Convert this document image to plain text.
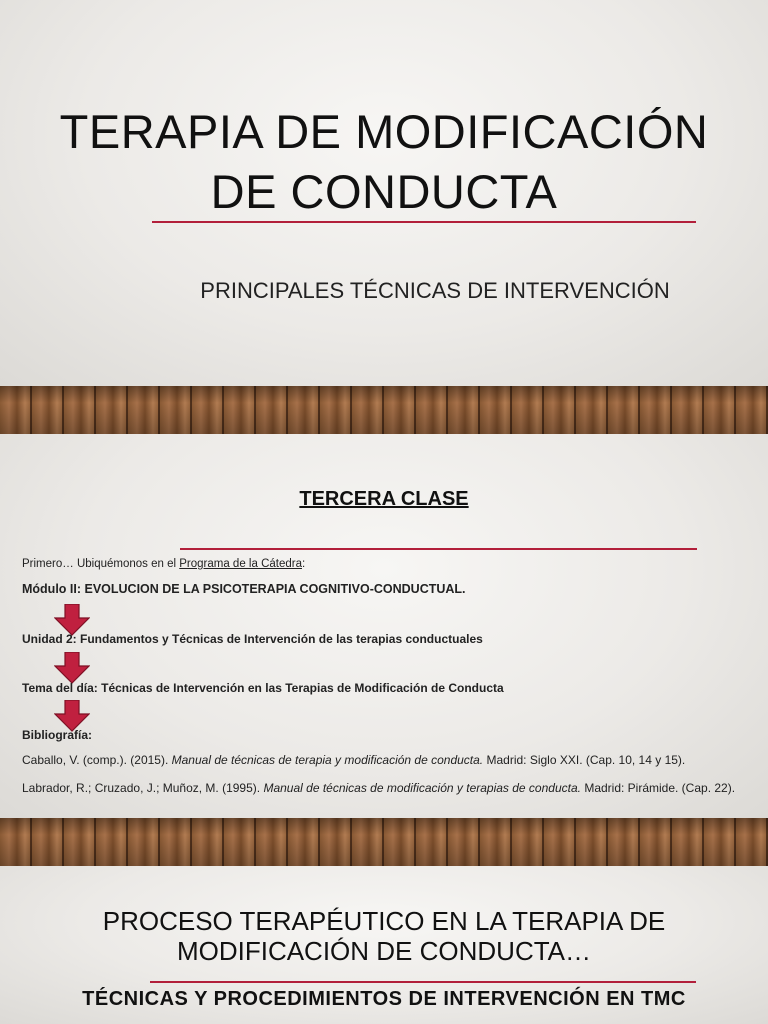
TERAPIA DE MODIFICACIÓN
DE CONDUCTA

PRINCIPALES TÉCNICAS DE INTERVENCIÓN

TERCERA CLASE
Primero… Ubiquémonos en el Programa de la Cátedra:
Módulo II: EVOLUCION DE LA PSICOTERAPIA COGNITIVO-CONDUCTUAL.
Unidad 2: Fundamentos y Técnicas de Intervención de las terapias conductuales
Tema del día: Técnicas de Intervención en las Terapias de Modificación de Conducta
Bibliografía:
Caballo, V. (comp.). (2015). Manual de técnicas de terapia y modificación de conducta. Madrid: Siglo XXI. (Cap. 10, 14 y 15).
Labrador, R.; Cruzado, J.; Muñoz, M. (1995). Manual de técnicas de modificación y terapias de conducta. Madrid: Pirámide. (Cap. 22).
PROCESO TERAPÉUTICO EN LA TERAPIA DE
MODIFICACIÓN DE CONDUCTA…

TÉCNICAS Y PROCEDIMIENTOS DE INTERVENCIÓN EN TMC
